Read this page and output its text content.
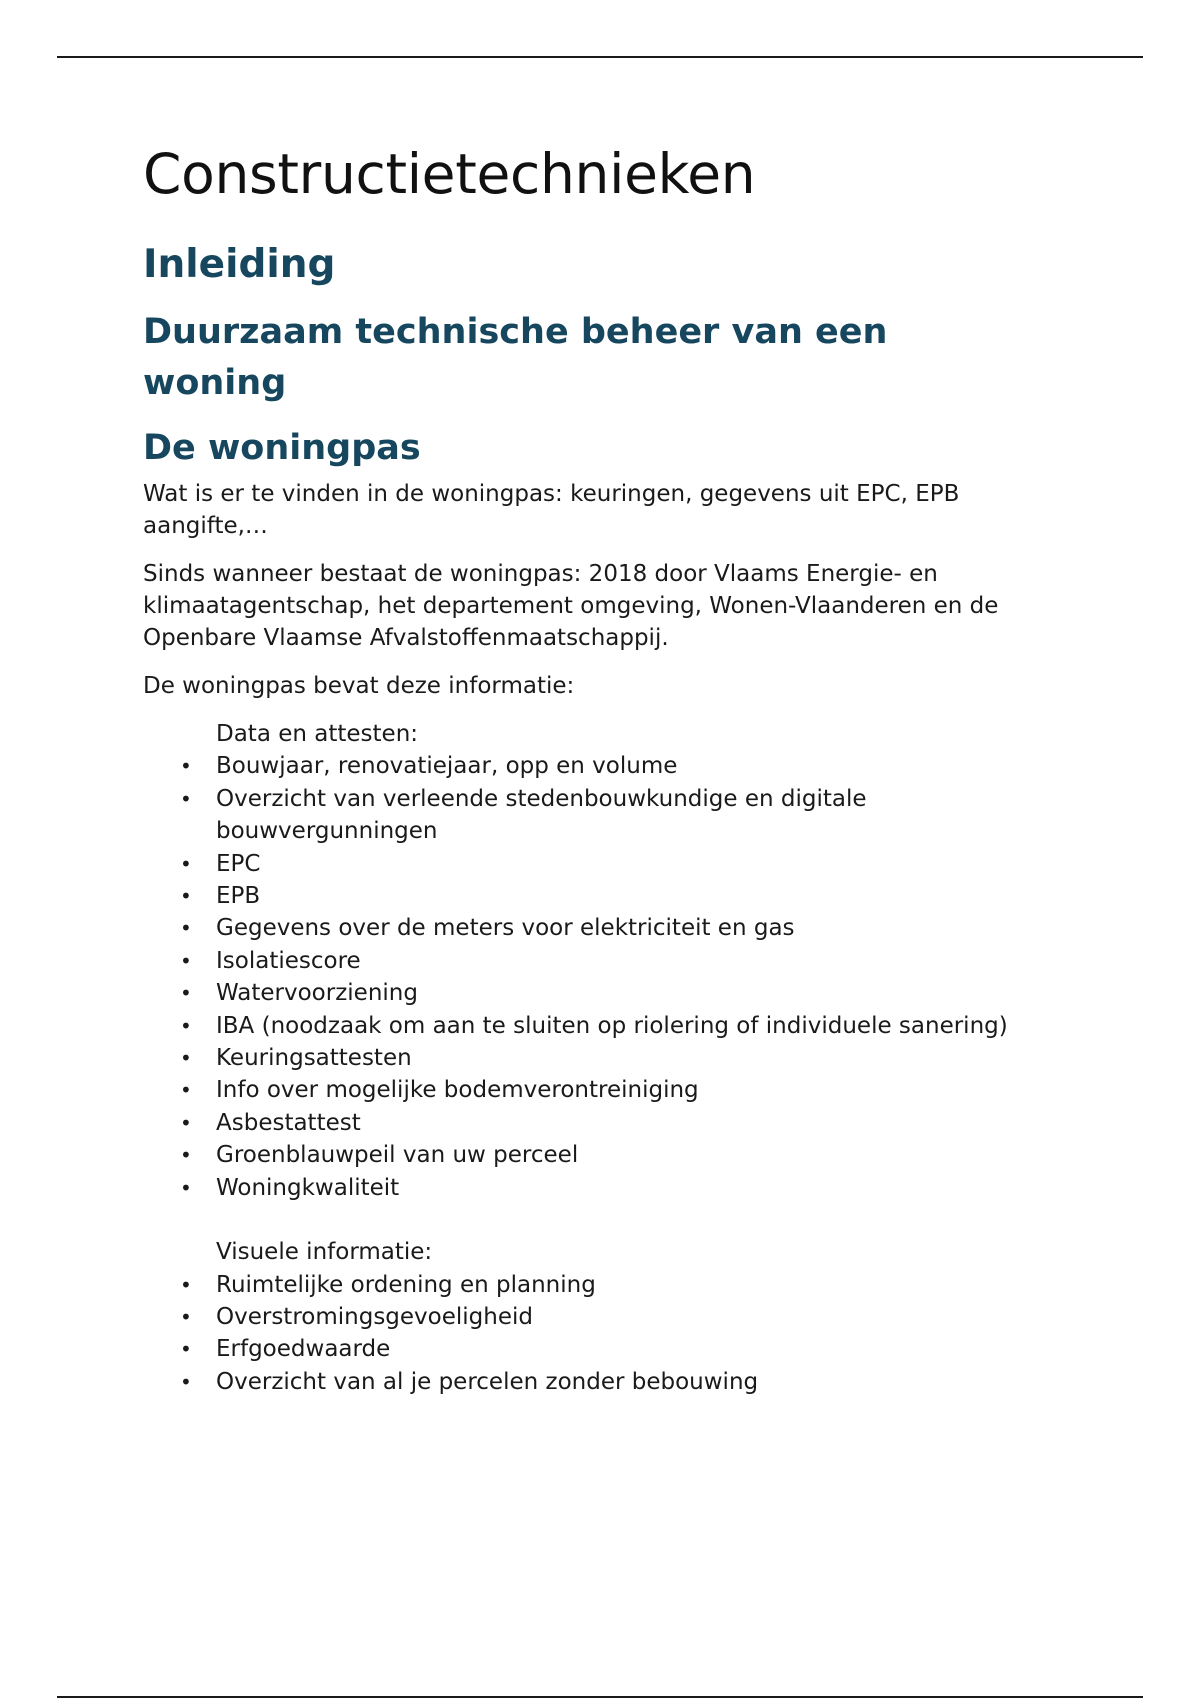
Constructietechnieken
Inleiding
Duurzaam technische beheer van een woning
De woningpas

Wat is er te vinden in de woningpas: keuringen, gegevens uit EPC, EPB aangifte,…

Sinds wanneer bestaat de woningpas: 2018 door Vlaams Energie- en klimaatagentschap, het departement omgeving, Wonen-Vlaanderen en de Openbare Vlaamse Afvalstoffenmaatschappij.

De woningpas bevat deze informatie:

Data en attesten:
• Bouwjaar, renovatiejaar, opp en volume
• Overzicht van verleende stedenbouwkundige en digitale bouwvergunningen
• EPC
• EPB
• Gegevens over de meters voor elektriciteit en gas
• Isolatiescore
• Watervoorziening
• IBA (noodzaak om aan te sluiten op riolering of individuele sanering)
• Keuringsattesten
• Info over mogelijke bodemverontreiniging
• Asbestattest
• Groenblauwpeil van uw perceel
• Woningkwaliteit
Visuele informatie:
• Ruimtelijke ordening en planning
• Overstromingsgevoeligheid
• Erfgoedwaarde
• Overzicht van al je percelen zonder bebouwing
